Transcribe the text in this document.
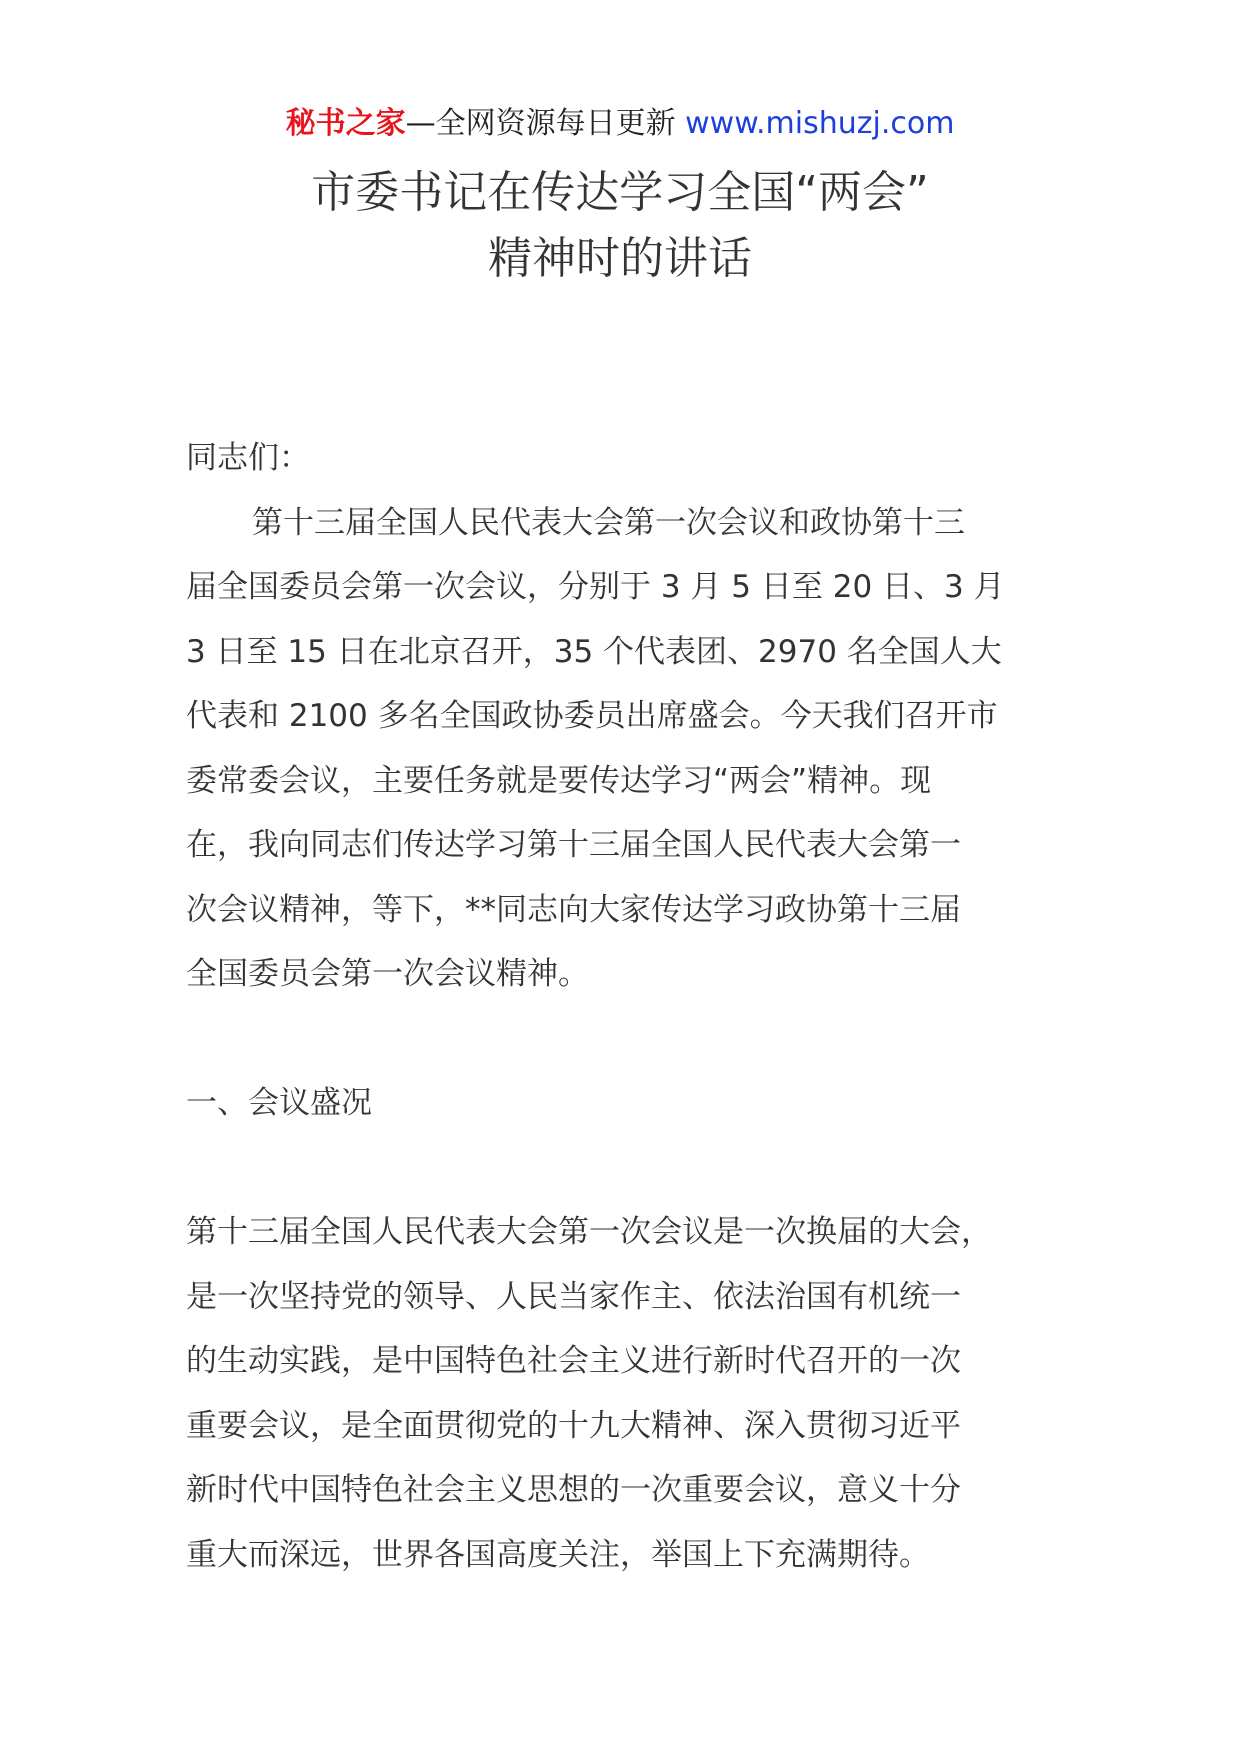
秘书之家—全网资源每日更新 www.mishuzj.com
市委书记在传达学习全国“两会”
精神时的讲话
同志们：
第十三届全国人民代表大会第一次会议和政协第十三
届全国委员会第一次会议，分别于 3 月 5 日至 20 日、3 月
3 日至 15 日在北京召开，35 个代表团、2970 名全国人大
代表和 2100 多名全国政协委员出席盛会。今天我们召开市
委常委会议，主要任务就是要传达学习“两会”精神。现
在，我向同志们传达学习第十三届全国人民代表大会第一
次会议精神，等下，**同志向大家传达学习政协第十三届
全国委员会第一次会议精神。
一、会议盛况
第十三届全国人民代表大会第一次会议是一次换届的大会，
是一次坚持党的领导、人民当家作主、依法治国有机统一
的生动实践，是中国特色社会主义进行新时代召开的一次
重要会议，是全面贯彻党的十九大精神、深入贯彻习近平
新时代中国特色社会主义思想的一次重要会议，意义十分
重大而深远，世界各国高度关注，举国上下充满期待。
